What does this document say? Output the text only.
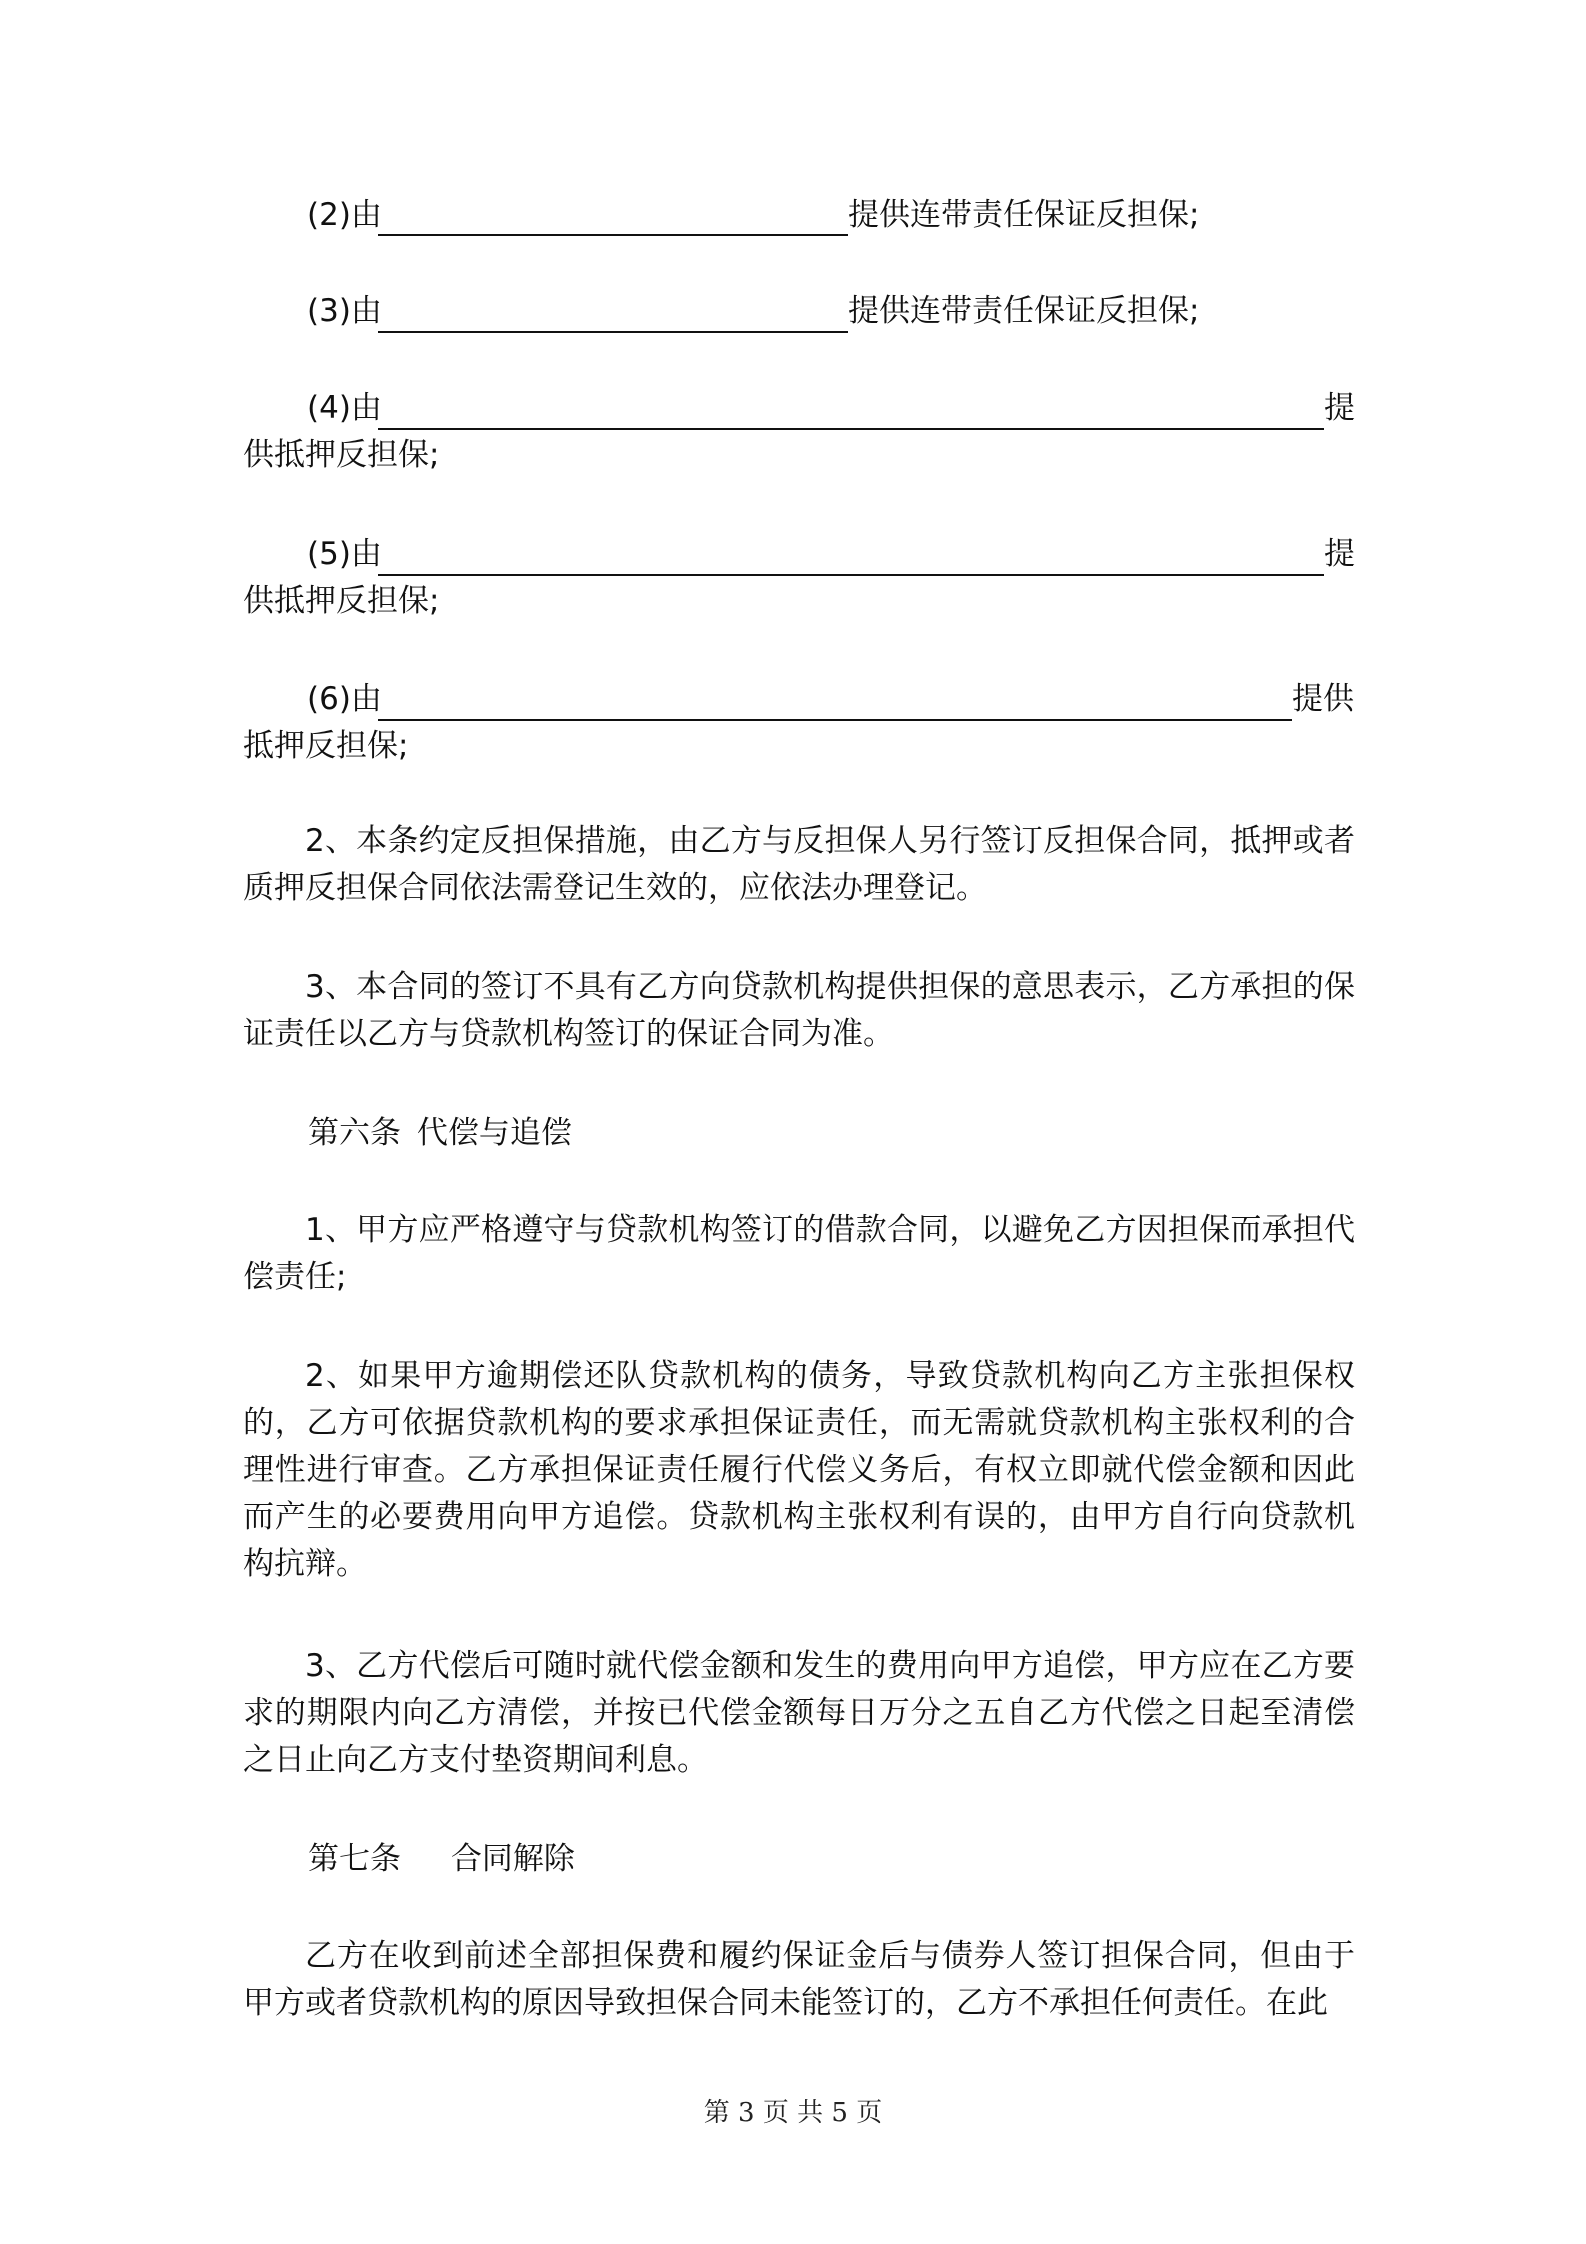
(2)由	提供连带责任保证反担保;
(3)由	提供连带责任保证反担保;
(4)由	提
供抵押反担保;
(5)由	提
供抵押反担保;
(6)由	提供
抵押反担保;

2、本条约定反担保措施，由乙方与反担保人另行签订反担保合同，抵押或者质押反担保合同依法需登记生效的，应依法办理登记。

3、本合同的签订不具有乙方向贷款机构提供担保的意思表示，乙方承担的保证责任以乙方与贷款机构签订的保证合同为准。

第六条 代偿与追偿

1、甲方应严格遵守与贷款机构签订的借款合同，以避免乙方因担保而承担代偿责任;

2、如果甲方逾期偿还队贷款机构的债务，导致贷款机构向乙方主张担保权的，乙方可依据贷款机构的要求承担保证责任，而无需就贷款机构主张权利的合理性进行审查。乙方承担保证责任履行代偿义务后，有权立即就代偿金额和因此而产生的必要费用向甲方追偿。贷款机构主张权利有误的，由甲方自行向贷款机构抗辩。

3、乙方代偿后可随时就代偿金额和发生的费用向甲方追偿，甲方应在乙方要求的期限内向乙方清偿，并按已代偿金额每日万分之五自乙方代偿之日起至清偿之日止向乙方支付垫资期间利息。

第七条 合同解除

乙方在收到前述全部担保费和履约保证金后与债券人签订担保合同，但由于甲方或者贷款机构的原因导致担保合同未能签订的，乙方不承担任何责任。在此

第 3 页 共 5 页
